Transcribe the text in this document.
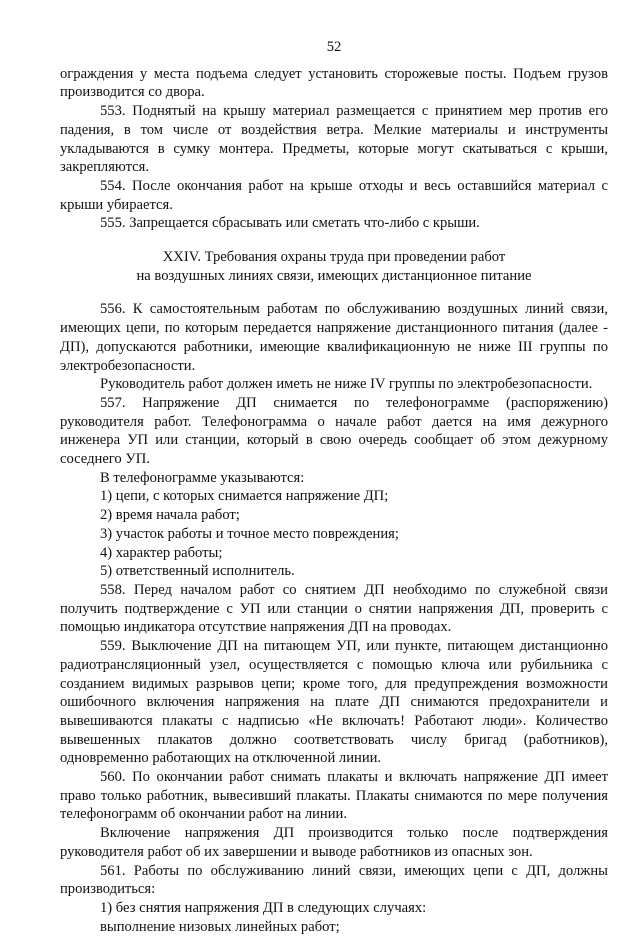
52

ограждения у места подъема следует установить сторожевые посты. Подъем грузов производится со двора.

553. Поднятый на крышу материал размещается с принятием мер против его падения, в том числе от воздействия ветра. Мелкие материалы и инструменты укладываются в сумку монтера. Предметы, которые могут скатываться с крыши, закрепляются.

554. После окончания работ на крыше отходы и весь оставшийся материал с крыши убирается.

555. Запрещается сбрасывать или сметать что-либо с крыши.

XXIV. Требования охраны труда при проведении работ
на воздушных линиях связи, имеющих дистанционное питание

556. К самостоятельным работам по обслуживанию воздушных линий связи, имеющих цепи, по которым передается напряжение дистанционного питания (далее - ДП), допускаются работники, имеющие квалификационную не ниже III группы по электробезопасности.

Руководитель работ должен иметь не ниже IV группы по электробезопасности.

557. Напряжение ДП снимается по телефонограмме (распоряжению) руководителя работ. Телефонограмма о начале работ дается на имя дежурного инженера УП или станции, который в свою очередь сообщает об этом дежурному соседнего УП.

В телефонограмме указываются:

1) цепи, с которых снимается напряжение ДП;

2) время начала работ;

3) участок работы и точное место повреждения;

4) характер работы;

5) ответственный исполнитель.

558. Перед началом работ со снятием ДП необходимо по служебной связи получить подтверждение с УП или станции о снятии напряжения ДП, проверить с помощью индикатора отсутствие напряжения ДП на проводах.

559. Выключение ДП на питающем УП, или пункте, питающем дистанционно радиотрансляционный узел, осуществляется с помощью ключа или рубильника с созданием видимых разрывов цепи; кроме того, для предупреждения возможности ошибочного включения напряжения на плате ДП снимаются предохранители и вывешиваются плакаты с надписью «Не включать! Работают люди». Количество вывешенных плакатов должно соответствовать числу бригад (работников), одновременно работающих на отключенной линии.

560. По окончании работ снимать плакаты и включать напряжение ДП имеет право только работник, вывесивший плакаты. Плакаты снимаются по мере получения телефонограмм об окончании работ на линии.

Включение напряжения ДП производится только после подтверждения руководителя работ об их завершении и выводе работников из опасных зон.

561. Работы по обслуживанию линий связи, имеющих цепи с ДП, должны производиться:

1) без снятия напряжения ДП в следующих случаях:

выполнение низовых линейных работ;
